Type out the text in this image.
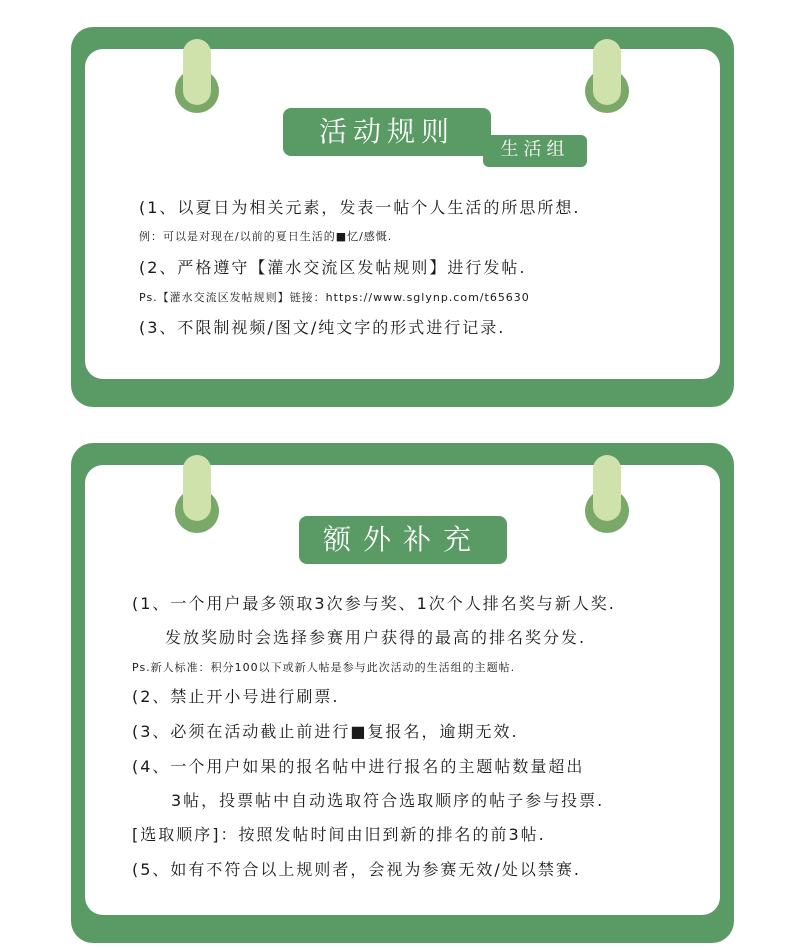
活动规则
生活组
(1、以夏日为相关元素，发表一帖个人生活的所思所想.
例：可以是对现在/以前的夏日生活的■忆/感慨.
(2、严格遵守【灌水交流区发帖规则】进行发帖.
Ps.【灌水交流区发帖规则】链接：https://www.sglynp.com/t65630
(3、不限制视频/图文/纯文字的形式进行记录.
额外补充
(1、一个用户最多领取3次参与奖、1次个人排名奖与新人奖.
发放奖励时会选择参赛用户获得的最高的排名奖分发.
Ps.新人标准：积分100以下或新人帖是参与此次活动的生活组的主题帖.
(2、禁止开小号进行刷票.
(3、必须在活动截止前进行■复报名，逾期无效.
(4、一个用户如果的报名帖中进行报名的主题帖数量超出
3帖，投票帖中自动选取符合选取顺序的帖子参与投票.
[选取顺序]：按照发帖时间由旧到新的排名的前3帖.
(5、如有不符合以上规则者，会视为参赛无效/处以禁赛.
